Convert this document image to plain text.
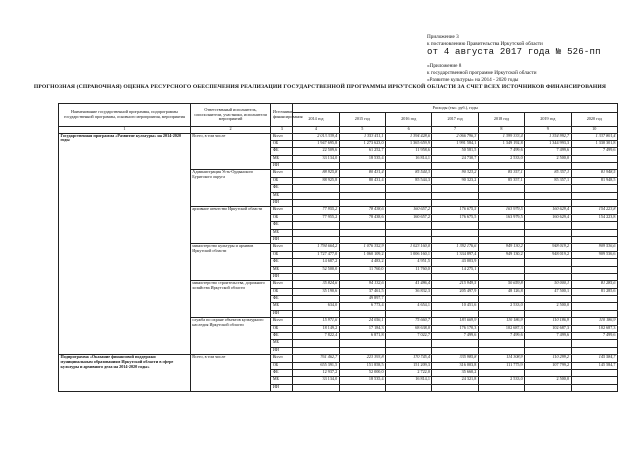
Приложение 3
к постановлению Правительства Иркутской области
от 4 августа 2017 года № 526-пп
«Приложение 8
к государственной программе Иркутской области
«Развитие культуры» на 2014 - 2020 годы
ПРОГНОЗНАЯ (СПРАВОЧНАЯ) ОЦЕНКА РЕСУРСНОГО ОБЕСПЕЧЕНИЯ РЕАЛИЗАЦИИ ГОСУДАРСТВЕННОЙ ПРОГРАММЫ ИРКУТСКОЙ ОБЛАСТИ ЗА СЧЕТ ВСЕХ ИСТОЧНИКОВ ФИНАНСИРОВАНИЯ
Наименование государственной программы, подпрограммы государственной программы, основного мероприятия, мероприятия	Ответственный исполнитель, соисполнители, участники, исполнители мероприятий	Источники финансирования	Расходы (тыс. руб.), годы						
			2014 год	2015 год	2016 год	2017 год	2018 год	2019 год	2020 год
1	2	3	4	5	6	7	8	9	10
Государственная программа «Развитие культуры» на 2014-2020 годы	Всего, в том числе	Всего	2 013 339,4	1 353 411,1	1 394 428,6	2 066 796,3	1 399 333,4	1 354 992,7	1 337 801,4
		ОБ	1 947 695,8	1 273 623,0	1 365 659,9	1 991 584,1	1 349 192,8	1 344 993,3	1 330 301,8
		ФБ	22 509,6	61 252,7	11 958,6	50 581,5	7 499,6	7 499,6	7 499,6
		МБ	33 134,0	18 535,4	16 814,1	24 730,7	2 533,0	2 500,0	
		ИИ							
	Администрация Усть-Ордынского Бурятского округа	Всего	88 925,8	80 431,4	85 544,3	90 323,2	85 357,1	85 357,1	81 948,5
		ОБ	88 925,8	80 431,4	85 544,3	90 323,2	85 357,1	85 357,1	81 948,5
		ФБ							
		МБ							
		ИИ							
	архивное агентство Иркутской области	Всего	77 955,2	78 438,6	160 657,2	176 675,5	163 979,5	160 629,4	154 223,8
		ОБ	77 955,2	78 438,6	160 657,2	176 675,5	163 979,5	160 629,4	154 223,8
		ФБ							
		МБ							
		ИИ							
	министерство культуры и архивов Иркутской области	Всего	1 794 664,2	1 076 352,9	1 023 160,0	1 392 176,6	949 130,2	948 019,2	909 536,6
		ОБ	1 727 477,0	1 060 109,2	1 006 160,1	1 334 897,4	949 130,2	948 019,2	909 536,6
		ФБ	14 687,2	4 483,2	4 951,5	43 003,9			
		МБ	52 500,0	11 760,0	11 760,0	14 275,1			
		ИИ							
	министерство строительства, дорожного хозяйства Иркутской области	Всего	35 824,6	94 132,6	41 486,4	215 949,5	50 659,8	50 000,1	81 285,6
		ОБ	35 190,6	37 461,5	36 832,3	205 497,9	48 126,8	47 500,1	81 285,6
		ФБ		49 897,7					
		МБ	634,0	6 773,4	4 654,1	10 451,6	2 533,0	2 500,0	
		ИИ							
	служба по охране объектов культурного наследия Иркутской области	Всего	15 971,6	24 056,1	75 660,7	183 669,9	110 186,9	110 186,9	110 186,9
		ОБ	18 149,2	17 184,3	68 638,0	176 170,3	102 687,3	102 687,3	102 687,3
		ФБ	7 822,4	6 871,8	7 022,7	7 499,6	7 499,6	7 499,6	7 499,6
		МБ							
		ИИ							
Подпрограмма «Оказание финансовой поддержки муниципальным образованиям Иркутской области в сфере культуры и архивного дела на 2014-2020 годы»	Всего, в том числе	Всего	761 462,7	223 393,8	170 745,4	335 985,8	114 308,9	110 299,2	145 584,7
		ОБ	655 391,5	151 858,5	151 209,3	316 003,8	111 775,9	107 799,2	145 584,7
		ФБ	12 937,2	52 000,0	2 722,0	35 660,2			
		МБ	33 134,0	18 535,4	16 814,1	24 321,8	2 533,0	2 500,0	
		ИИ							
